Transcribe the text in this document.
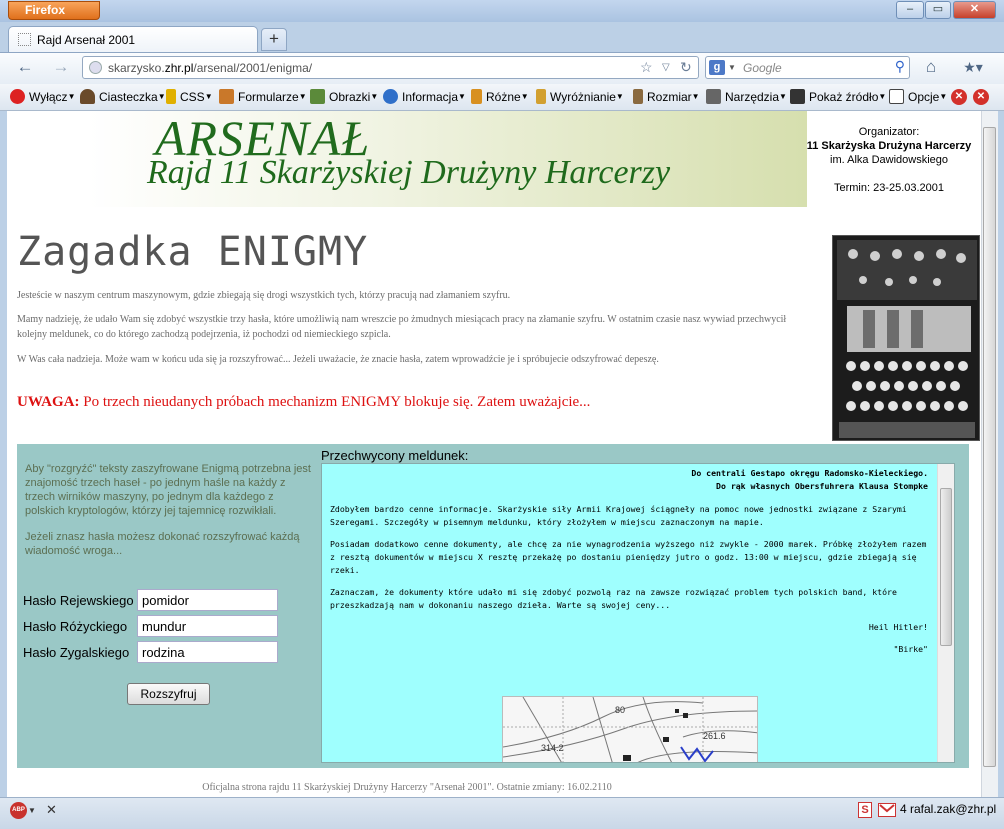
Firefox	–	▭	✕
Rajd Arsenał 2001	+
← →	skarzysko.zhr.pl/arsenal/2001/enigma/	☆ ▽ ↻	g ▼ Google	⚲	⌂	★▾
Wyłącz▼	Ciasteczka▼	CSS▼	Formularze▼	Obrazki▼	Informacja▼	Różne▼	Wyróżnianie▼	Rozmiar▼	Narzędzia▼	Pokaż źródło▼	Opcje▼ ✕	✕
ARSENAŁ
Rajd 11 Skarżyskiej Drużyny Harcerzy
Organizator:
11 Skarżyska Drużyna Harcerzy
im. Alka Dawidowskiego
Termin: 23-25.03.2001
Zagadka ENIGMY
Jesteście w naszym centrum maszynowym, gdzie zbiegają się drogi wszystkich tych, którzy pracują nad złamaniem szyfru.
Mamy nadzieję, że udało Wam się zdobyć wszystkie trzy hasła, które umożliwią nam wreszcie po żmudnych miesiącach pracy na złamanie szyfru. W ostatnim czasie nasz wywiad przechwycił kolejny meldunek, co do którego zachodzą podejrzenia, iż pochodzi od niemieckiego szpicla.
W Was cała nadzieja. Może wam w końcu uda się ja rozszyfrować... Jeżeli uważacie, że znacie hasła, zatem wprowadźcie je i spróbujecie odszyfrować depeszę.
UWAGA: Po trzech nieudanych próbach mechanizm ENIGMY blokuje się. Zatem uważajcie...
Aby "rozgryźć" teksty zaszyfrowane Enigmą potrzebna jest znajomość trzech haseł - po jednym haśle na każdy z trzech wirników maszyny, po jednym dla każdego z polskich kryptologów, którzy jej tajemnicę rozwikłali.
Jeżeli znasz hasła możesz dokonać rozszyfrować każdą wiadomość wroga...
Hasło Rejewskiego
pomidor
Hasło Różyckiego
mundur
Hasło Zygalskiego
rodzina
Rozszyfruj
Przechwycony meldunek:
Do centrali Gestapo okręgu Radomsko-Kieleckiego.
Do rąk własnych Obersfuhrera Klausa Stompke
Zdobyłem bardzo cenne informacje. Skarżyskie siły Armii Krajowej ściągneły na pomoc nowe jednostki związane z Szarymi Szeregami. Szczegóły w pisemnym meldunku, który złożyłem w miejscu zaznaczonym na mapie.
Posiadam dodatkowo cenne dokumenty, ale chcę za nie wynagrodzenia wyższego niż zwykle - 2000 marek. Próbkę złożyłem razem z resztą dokumentów w miejscu X resztę przekażę po dostaniu pieniędzy jutro o godz. 13:00 w miejscu, gdzie zbiegają się rzeki.
Zaznaczam, że dokumenty które udało mi się zdobyć pozwolą raz na zawsze rozwiązać problem tych polskich band, które przeszkadzają nam w dokonaniu naszego dzieła. Warte są swojej ceny...
Heil Hitler!
"Birke"
80
314.2
261.6
Oficjalna strona rajdu 11 Skarżyskiej Drużyny Harcerzy "Arsenał 2001". Ostatnie zmiany: 16.02.2110
ABP ▼ ✕	S	4 rafal.zak@zhr.pl
